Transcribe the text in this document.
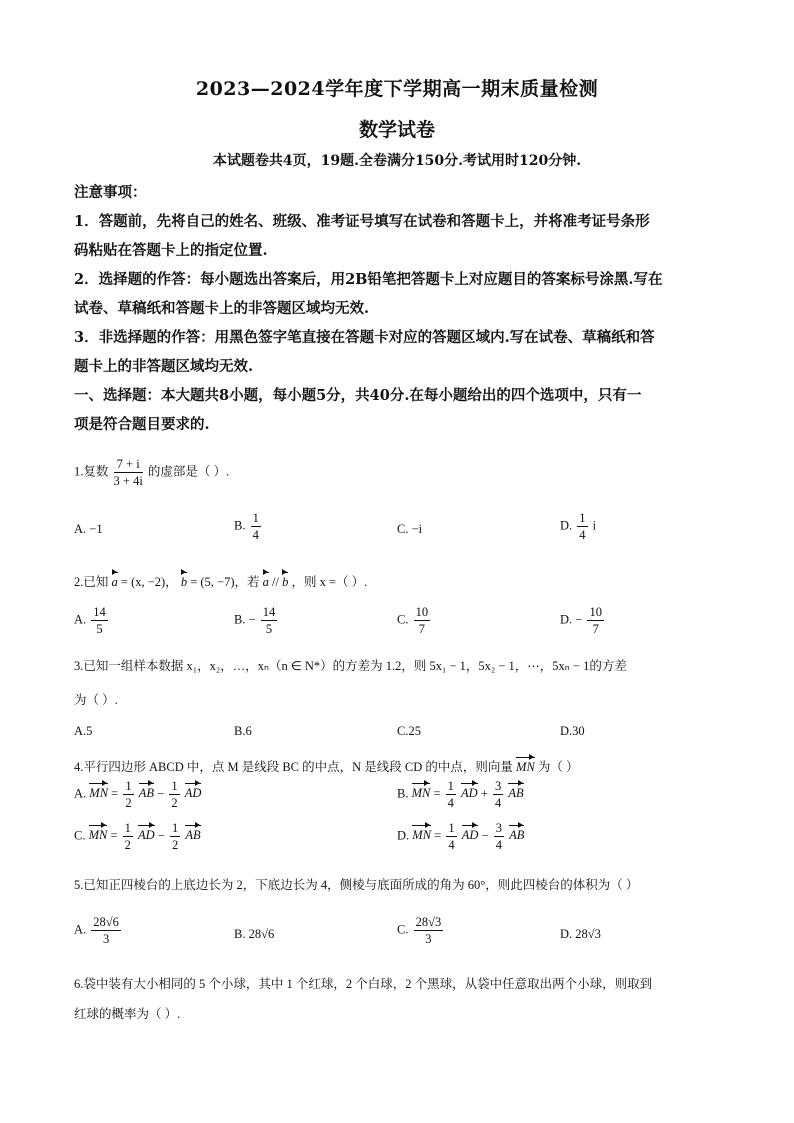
2023—2024学年度下学期高一期末质量检测
数学试卷
本试题卷共4页，19题.全卷满分150分.考试用时120分钟.
注意事项：
1．答题前，先将自己的姓名、班级、准考证号填写在试卷和答题卡上，并将准考证号条形
码粘贴在答题卡上的指定位置.
2．选择题的作答：每小题选出答案后，用2B铅笔把答题卡上对应题目的答案标号涂黑.写在
试卷、草稿纸和答题卡上的非答题区域均无效.
3．非选择题的作答：用黑色签字笔直接在答题卡对应的答题区域内.写在试卷、草稿纸和答
题卡上的非答题区域均无效.
一、选择题：本大题共8小题，每小题5分，共40分.在每小题给出的四个选项中，只有一
项是符合题目要求的.
1.复数 $\frac{7 + i}{3 + 4i}$ 的虚部是（ ）.
A. −1	B. $\frac{1}{4}$	C. −i	D. $\frac{1}{4}$ i
2.已知 a = (x, −2)， b = (5, −7)，若 a // b ，则 x =（ ）.
A. $\frac{14}{5}$	B. − $\frac{14}{5}$	C. $\frac{10}{7}$	D. − $\frac{10}{7}$
3.已知一组样本数据 x₁，x₂，…，xₙ（n ∈ N*）的方差为 1.2，则 5x₁ − 1，5x₂ − 1，⋯，5xₙ − 1的方差
为（ ）.
A.5	B.6	C.25	D.30
4.平行四边形 ABCD 中，点 M 是线段 BC 的中点，N 是线段 CD 的中点，则向量 MN 为（ ）
A. MN = $\frac{1}{2}$ AB − $\frac{1}{2}$ AD	B. MN = $\frac{1}{4}$ AD + $\frac{3}{4}$ AB
C. MN = $\frac{1}{2}$ AD − $\frac{1}{2}$ AB	D. MN = $\frac{1}{4}$ AD − $\frac{3}{4}$ AB
5.已知正四棱台的上底边长为 2，下底边长为 4，侧棱与底面所成的角为 60°，则此四棱台的体积为（ ）
A. $\frac{28√6}{3}$	B. 28√6	C. $\frac{28√3}{3}$	D. 28√3
6.袋中装有大小相同的 5 个小球，其中 1 个红球，2 个白球，2 个黑球，从袋中任意取出两个小球，则取到
红球的概率为（ ）.
